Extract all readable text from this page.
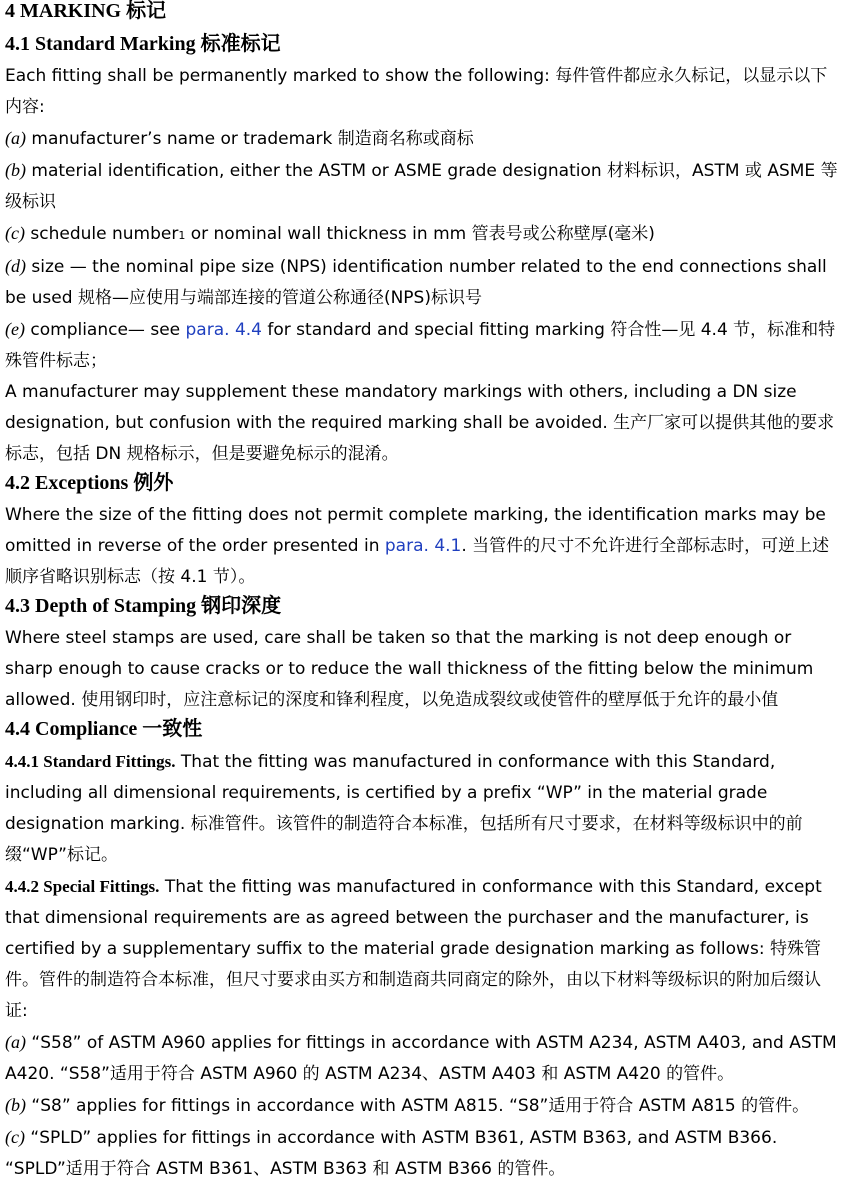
4 MARKING 标记
4.1 Standard Marking 标准标记

Each fitting shall be permanently marked to show the following: 每件管件都应永久标记，以显示以下内容:

(a) manufacturer’s name or trademark 制造商名称或商标

(b) material identification, either the ASTM or ASME grade designation 材料标识，ASTM 或 ASME 等级标识

(c) schedule number1 or nominal wall thickness in mm 管表号或公称壁厚(毫米)

(d) size — the nominal pipe size (NPS) identification number related to the end connections shall be used 规格—应使用与端部连接的管道公称通径(NPS)标识号

(e) compliance— see para. 4.4 for standard and special fitting marking 符合性—见 4.4 节，标准和特殊管件标志；

A manufacturer may supplement these mandatory markings with others, including a DN size designation, but confusion with the required marking shall be avoided. 生产厂家可以提供其他的要求标志，包括 DN 规格标示，但是要避免标示的混淆。

4.2 Exceptions 例外

Where the size of the fitting does not permit complete marking, the identification marks may be omitted in reverse of the order presented in para. 4.1. 当管件的尺寸不允许进行全部标志时，可逆上述顺序省略识别标志（按 4.1 节）。

4.3 Depth of Stamping 钢印深度

Where steel stamps are used, care shall be taken so that the marking is not deep enough or sharp enough to cause cracks or to reduce the wall thickness of the fitting below the minimum allowed. 使用钢印时，应注意标记的深度和锋利程度，以免造成裂纹或使管件的壁厚低于允许的最小值

4.4 Compliance 一致性

4.4.1 Standard Fittings. That the fitting was manufactured in conformance with this Standard, including all dimensional requirements, is certified by a prefix “WP” in the material grade designation marking. 标准管件。该管件的制造符合本标准，包括所有尺寸要求，在材料等级标识中的前缀“WP”标记。

4.4.2 Special Fittings. That the fitting was manufactured in conformance with this Standard, except that dimensional requirements are as agreed between the purchaser and the manufacturer, is certified by a supplementary suffix to the material grade designation marking as follows: 特殊管件。管件的制造符合本标准，但尺寸要求由买方和制造商共同商定的除外，由以下材料等级标识的附加后缀认证:

(a) “S58” of ASTM A960 applies for fittings in accordance with ASTM A234, ASTM A403, and ASTM A420. “S58”适用于符合 ASTM A960 的 ASTM A234、ASTM A403 和 ASTM A420 的管件。

(b) “S8” applies for fittings in accordance with ASTM A815. “S8”适用于符合 ASTM A815 的管件。

(c) “SPLD” applies for fittings in accordance with ASTM B361, ASTM B363, and ASTM B366. “SPLD”适用于符合 ASTM B361、ASTM B363 和 ASTM B366 的管件。
